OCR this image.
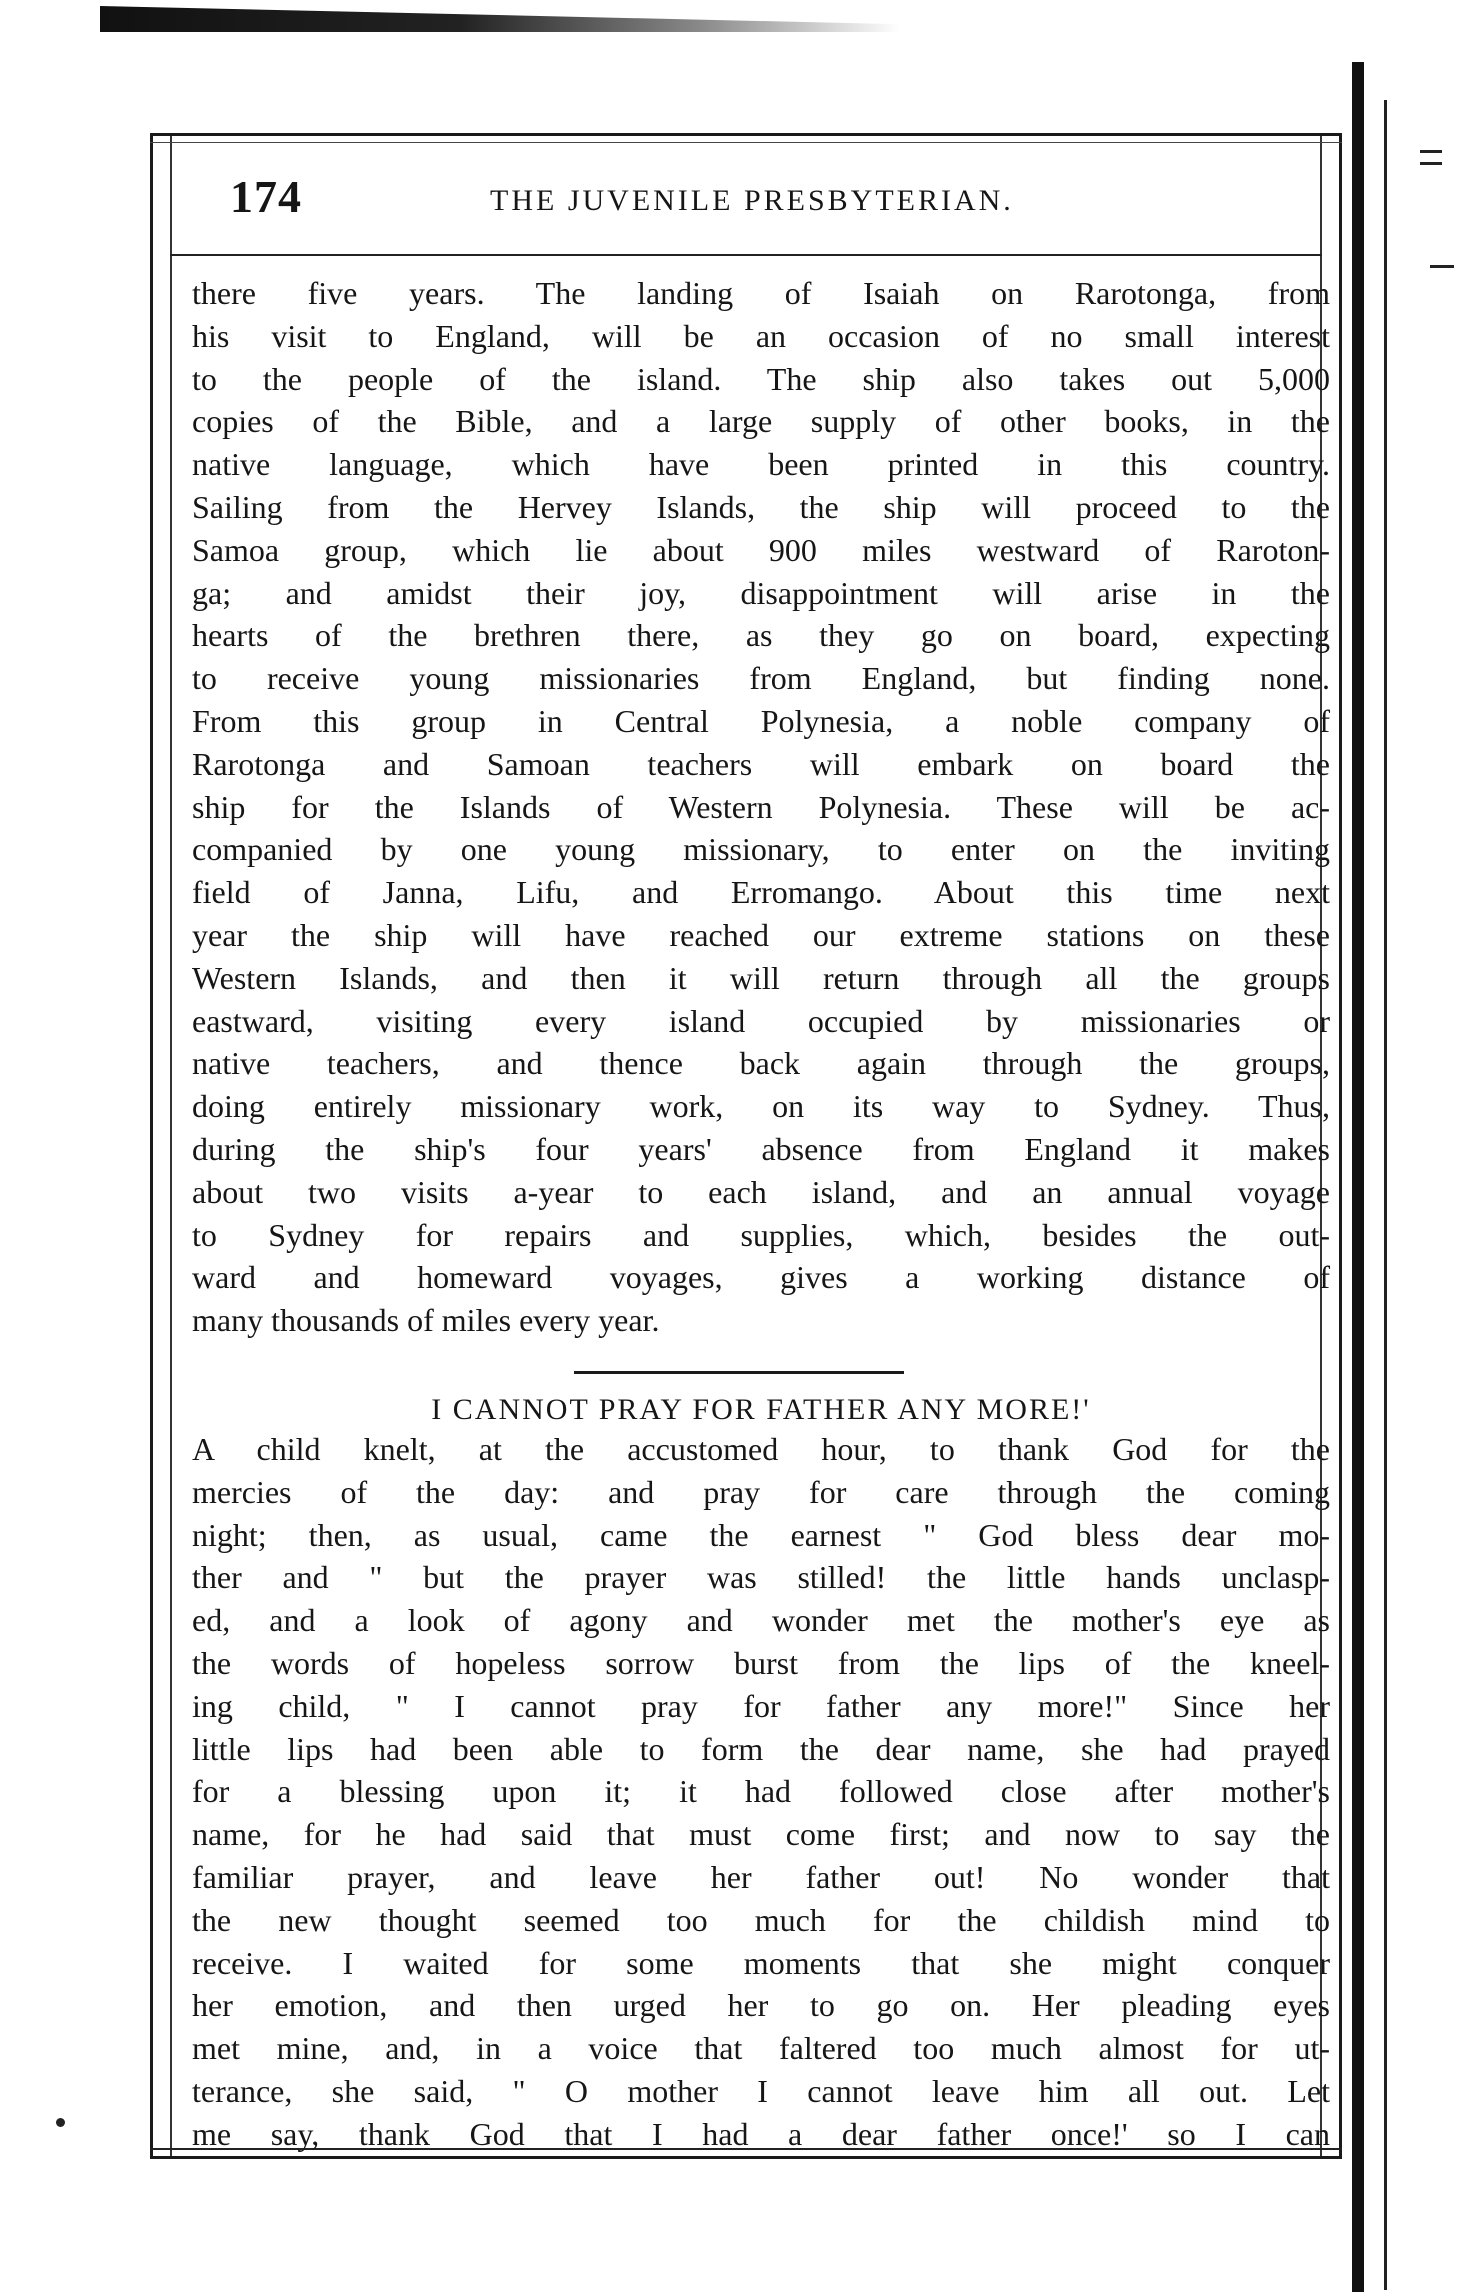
174	THE JUVENILE PRESBYTERIAN.
there five years. The landing of Isaiah on Rarotonga, from
his visit to England, will be an occasion of no small interest
to the people of the island. The ship also takes out 5,000
copies of the Bible, and a large supply of other books, in the
native language, which have been printed in this country.
Sailing from the Hervey Islands, the ship will proceed to the
Samoa group, which lie about 900 miles westward of Raroton-
ga; and amidst their joy, disappointment will arise in the
hearts of the brethren there, as they go on board, expecting
to receive young missionaries from England, but finding none.
From this group in Central Polynesia, a noble company of
Rarotonga and Samoan teachers will embark on board the
ship for the Islands of Western Polynesia. These will be ac-
companied by one young missionary, to enter on the inviting
field of Janna, Lifu, and Erromango. About this time next
year the ship will have reached our extreme stations on these
Western Islands, and then it will return through all the groups
eastward, visiting every island occupied by missionaries or
native teachers, and thence back again through the groups,
doing entirely missionary work, on its way to Sydney. Thus,
during the ship's four years' absence from England it makes
about two visits a-year to each island, and an annual voyage
to Sydney for repairs and supplies, which, besides the out-
ward and homeward voyages, gives a working distance of
many thousands of miles every year.
I CANNOT PRAY FOR FATHER ANY MORE!'
A child knelt, at the accustomed hour, to thank God for the
mercies of the day: and pray for care through the coming
night; then, as usual, came the earnest " God bless dear mo-
ther and " but the prayer was stilled! the little hands unclasp-
ed, and a look of agony and wonder met the mother's eye as
the words of hopeless sorrow burst from the lips of the kneel-
ing child, " I cannot pray for father any more!" Since her
little lips had been able to form the dear name, she had prayed
for a blessing upon it; it had followed close after mother's
name, for he had said that must come first; and now to say the
familiar prayer, and leave her father out! No wonder that
the new thought seemed too much for the childish mind to
receive. I waited for some moments that she might conquer
her emotion, and then urged her to go on. Her pleading eyes
met mine, and, in a voice that faltered too much almost for ut-
terance, she said, " O mother I cannot leave him all out. Let
me say, thank God that I had a dear father once!' so I can
